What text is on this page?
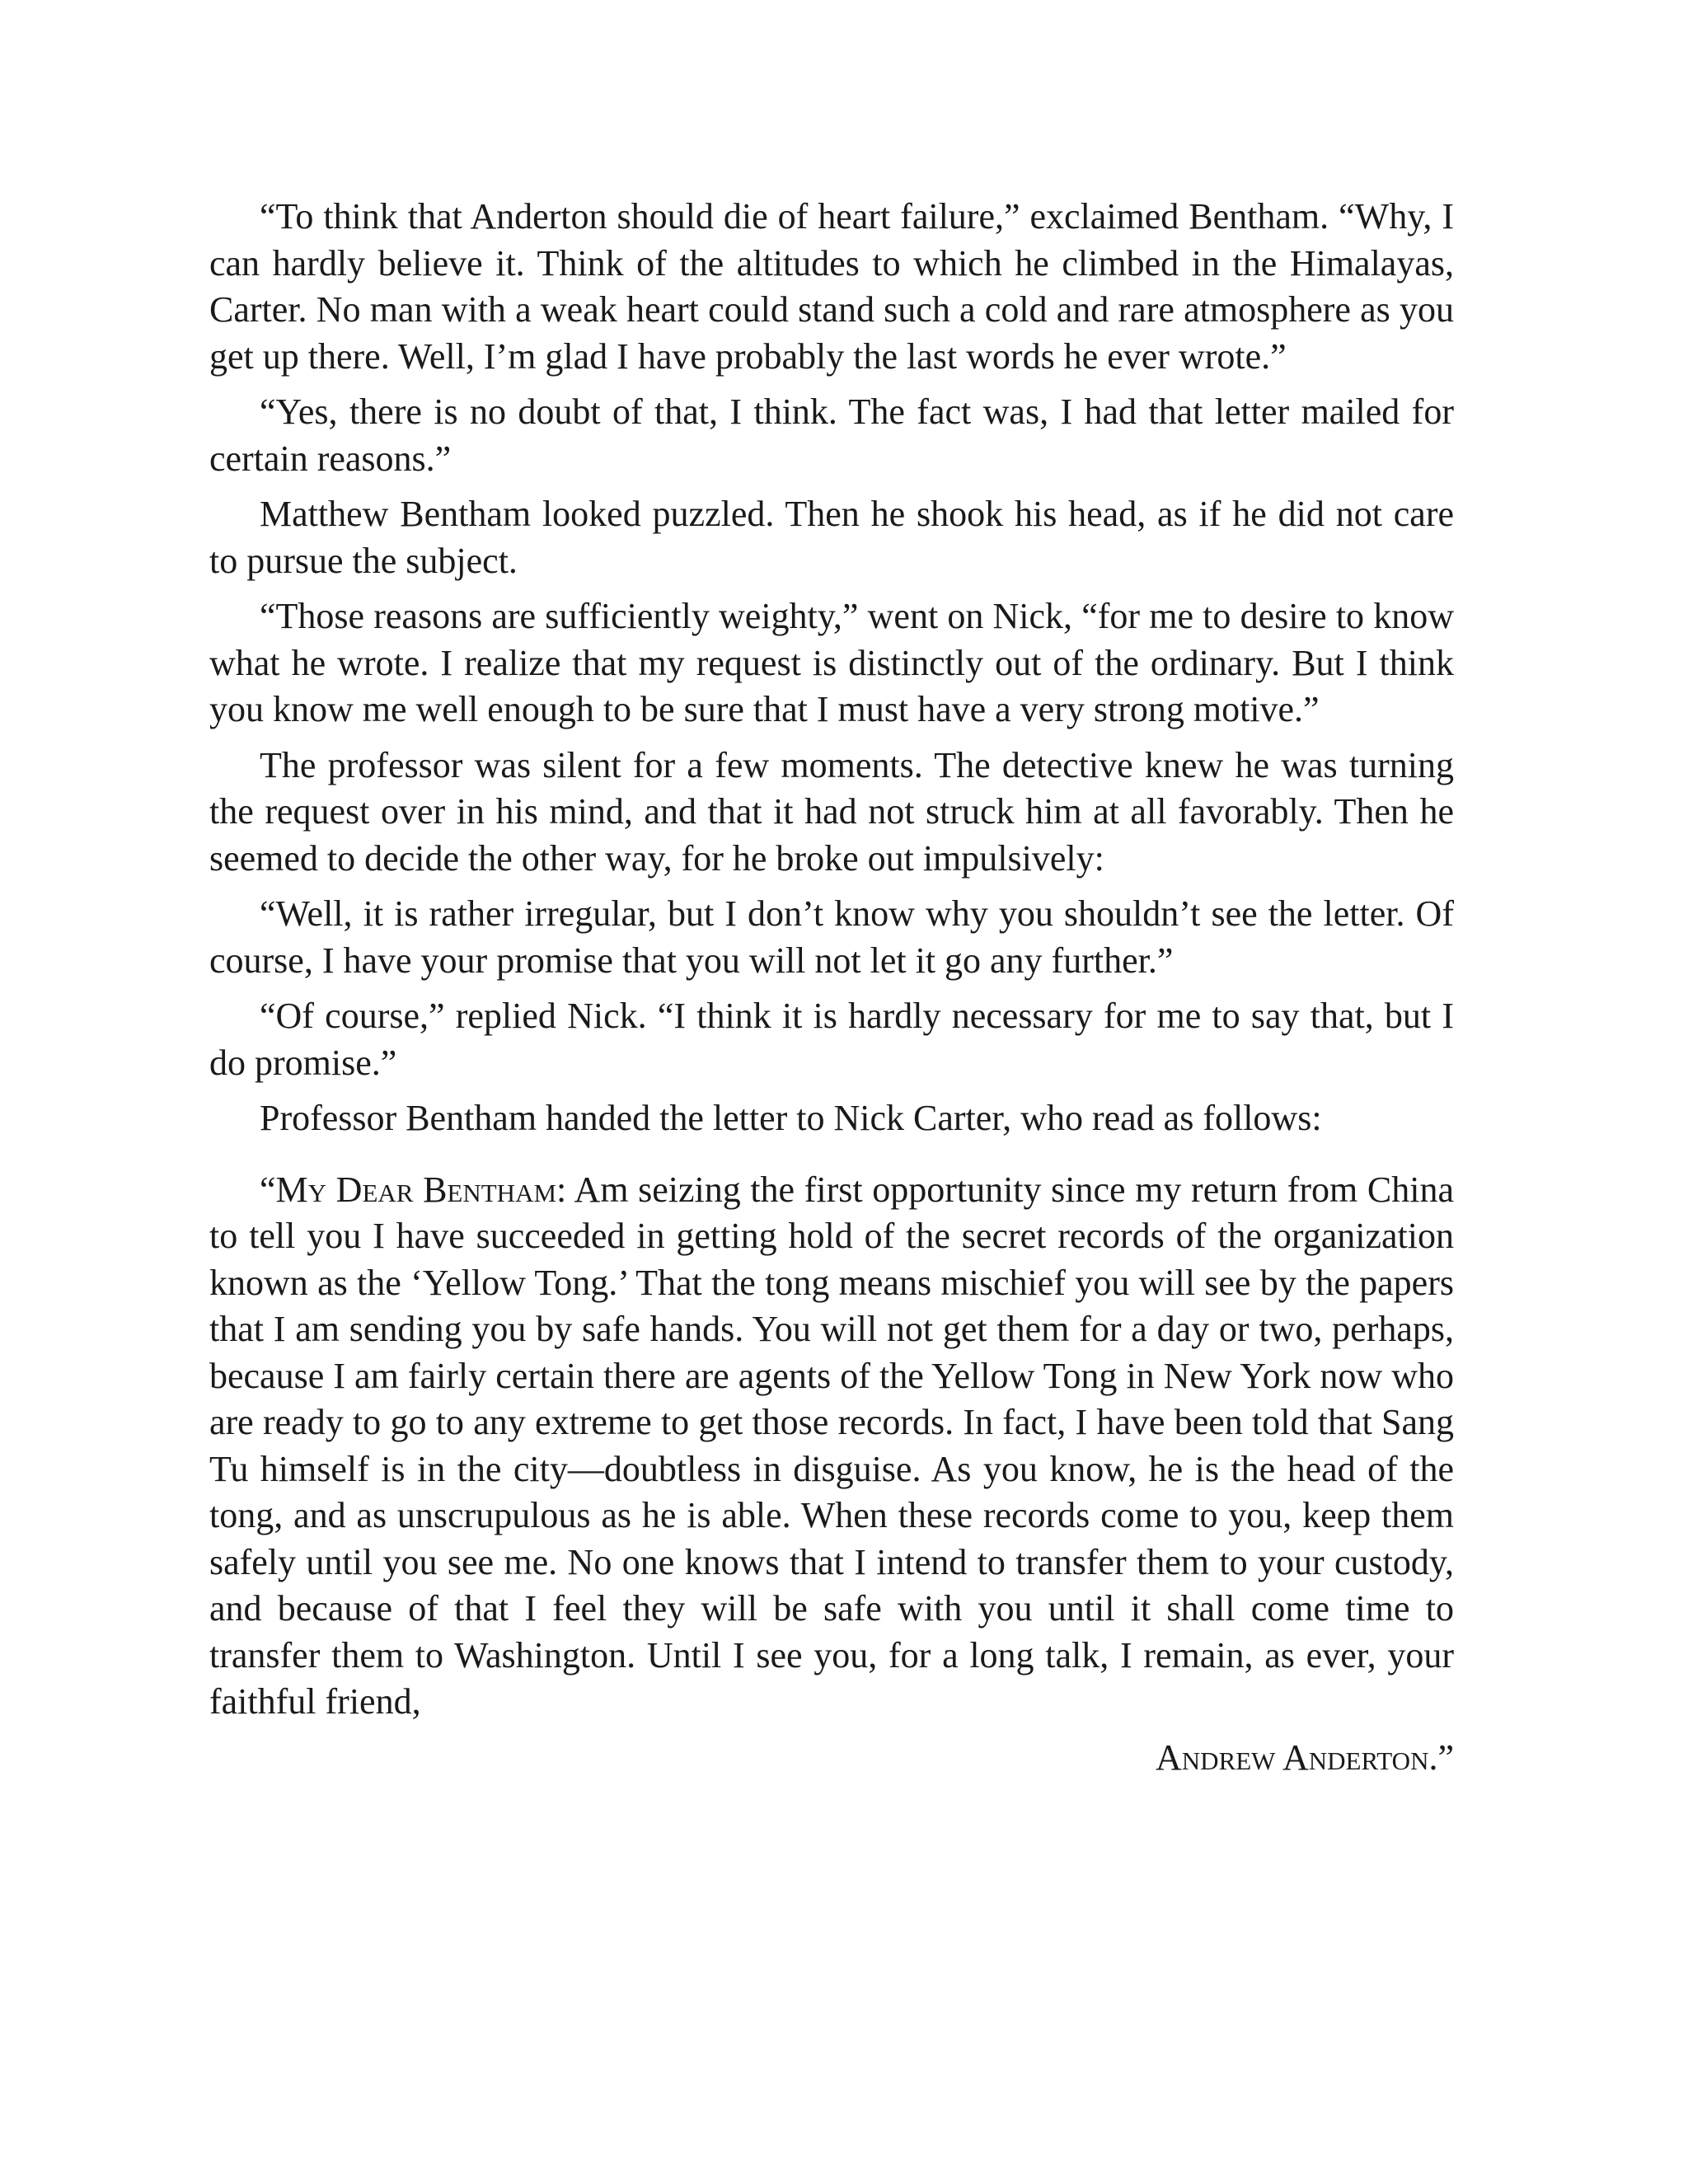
“To think that Anderton should die of heart failure,” exclaimed Bentham. “Why, I can hardly believe it. Think of the altitudes to which he climbed in the Himalayas, Carter. No man with a weak heart could stand such a cold and rare atmosphere as you get up there. Well, I’m glad I have probably the last words he ever wrote.”

“Yes, there is no doubt of that, I think. The fact was, I had that letter mailed for certain reasons.”

Matthew Bentham looked puzzled. Then he shook his head, as if he did not care to pursue the subject.

“Those reasons are sufficiently weighty,” went on Nick, “for me to desire to know what he wrote. I realize that my request is distinctly out of the ordinary. But I think you know me well enough to be sure that I must have a very strong motive.”

The professor was silent for a few moments. The detective knew he was turning the request over in his mind, and that it had not struck him at all favorably. Then he seemed to decide the other way, for he broke out impulsively:

“Well, it is rather irregular, but I don’t know why you shouldn’t see the letter. Of course, I have your promise that you will not let it go any further.”

“Of course,” replied Nick. “I think it is hardly necessary for me to say that, but I do promise.”

Professor Bentham handed the letter to Nick Carter, who read as follows:

“My Dear Bentham: Am seizing the first opportunity since my return from China to tell you I have succeeded in getting hold of the secret records of the organization known as the ‘Yellow Tong.’ That the tong means mischief you will see by the papers that I am sending you by safe hands. You will not get them for a day or two, perhaps, because I am fairly certain there are agents of the Yellow Tong in New York now who are ready to go to any extreme to get those records. In fact, I have been told that Sang Tu himself is in the city—doubtless in disguise. As you know, he is the head of the tong, and as unscrupulous as he is able. When these records come to you, keep them safely until you see me. No one knows that I intend to transfer them to your custody, and because of that I feel they will be safe with you until it shall come time to transfer them to Washington. Until I see you, for a long talk, I remain, as ever, your faithful friend,

Andrew Anderton.”
